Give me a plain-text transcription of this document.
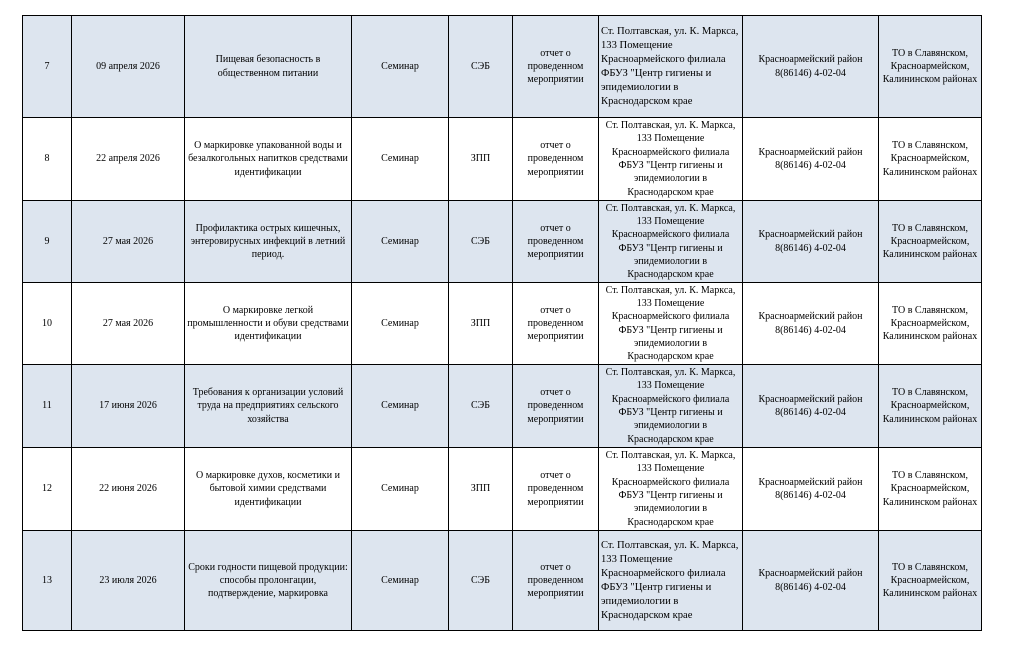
7	09 апреля 2026	Пищевая безопасность в общественном питании	Семинар	СЭБ	отчет о проведенном мероприятии	Ст. Полтавская, ул. К. Маркса, 133 Помещение Красноармейского филиала ФБУЗ "Центр гигиены и эпидемиологии в Краснодарском крае	Красноармейский район 8(86146) 4-02-04	ТО в Славянском, Красноармейском, Калининском районах
8	22 апреля 2026	О маркировке упакованной воды и безалкогольных напитков средствами идентификации	Семинар	ЗПП	отчет о проведенном мероприятии	Ст. Полтавская, ул. К. Маркса, 133 Помещение Красноармейского филиала ФБУЗ "Центр гигиены и эпидемиологии в Краснодарском крае	Красноармейский район 8(86146) 4-02-04	ТО в Славянском, Красноармейском, Калининском районах
9	27 мая 2026	Профилактика острых кишечных, энтеровирусных инфекций в летний период.	Семинар	СЭБ	отчет о проведенном мероприятии	Ст. Полтавская, ул. К. Маркса, 133 Помещение Красноармейского филиала ФБУЗ "Центр гигиены и эпидемиологии в Краснодарском крае	Красноармейский район 8(86146) 4-02-04	ТО в Славянском, Красноармейском, Калининском районах
10	27 мая 2026	О маркировке легкой промышленности и обуви средствами идентификации	Семинар	ЗПП	отчет о проведенном мероприятии	Ст. Полтавская, ул. К. Маркса, 133 Помещение Красноармейского филиала ФБУЗ "Центр гигиены и эпидемиологии в Краснодарском крае	Красноармейский район 8(86146) 4-02-04	ТО в Славянском, Красноармейском, Калининском районах
11	17 июня 2026	Требования к организации условий труда на предприятиях сельского хозяйства	Семинар	СЭБ	отчет о проведенном мероприятии	Ст. Полтавская, ул. К. Маркса, 133 Помещение Красноармейского филиала ФБУЗ "Центр гигиены и эпидемиологии в Краснодарском крае	Красноармейский район 8(86146) 4-02-04	ТО в Славянском, Красноармейском, Калининском районах
12	22 июня 2026	О маркировке духов, косметики и бытовой химии средствами идентификации	Семинар	ЗПП	отчет о проведенном мероприятии	Ст. Полтавская, ул. К. Маркса, 133 Помещение Красноармейского филиала ФБУЗ "Центр гигиены и эпидемиологии в Краснодарском крае	Красноармейский район 8(86146) 4-02-04	ТО в Славянском, Красноармейском, Калининском районах
13	23 июля 2026	Сроки годности пищевой продукции: способы пролонгации, подтверждение, маркировка	Семинар	СЭБ	отчет о проведенном мероприятии	Ст. Полтавская, ул. К. Маркса, 133 Помещение Красноармейского филиала ФБУЗ "Центр гигиены и эпидемиологии в Краснодарском крае	Красноармейский район 8(86146) 4-02-04	ТО в Славянском, Красноармейском, Калининском районах
